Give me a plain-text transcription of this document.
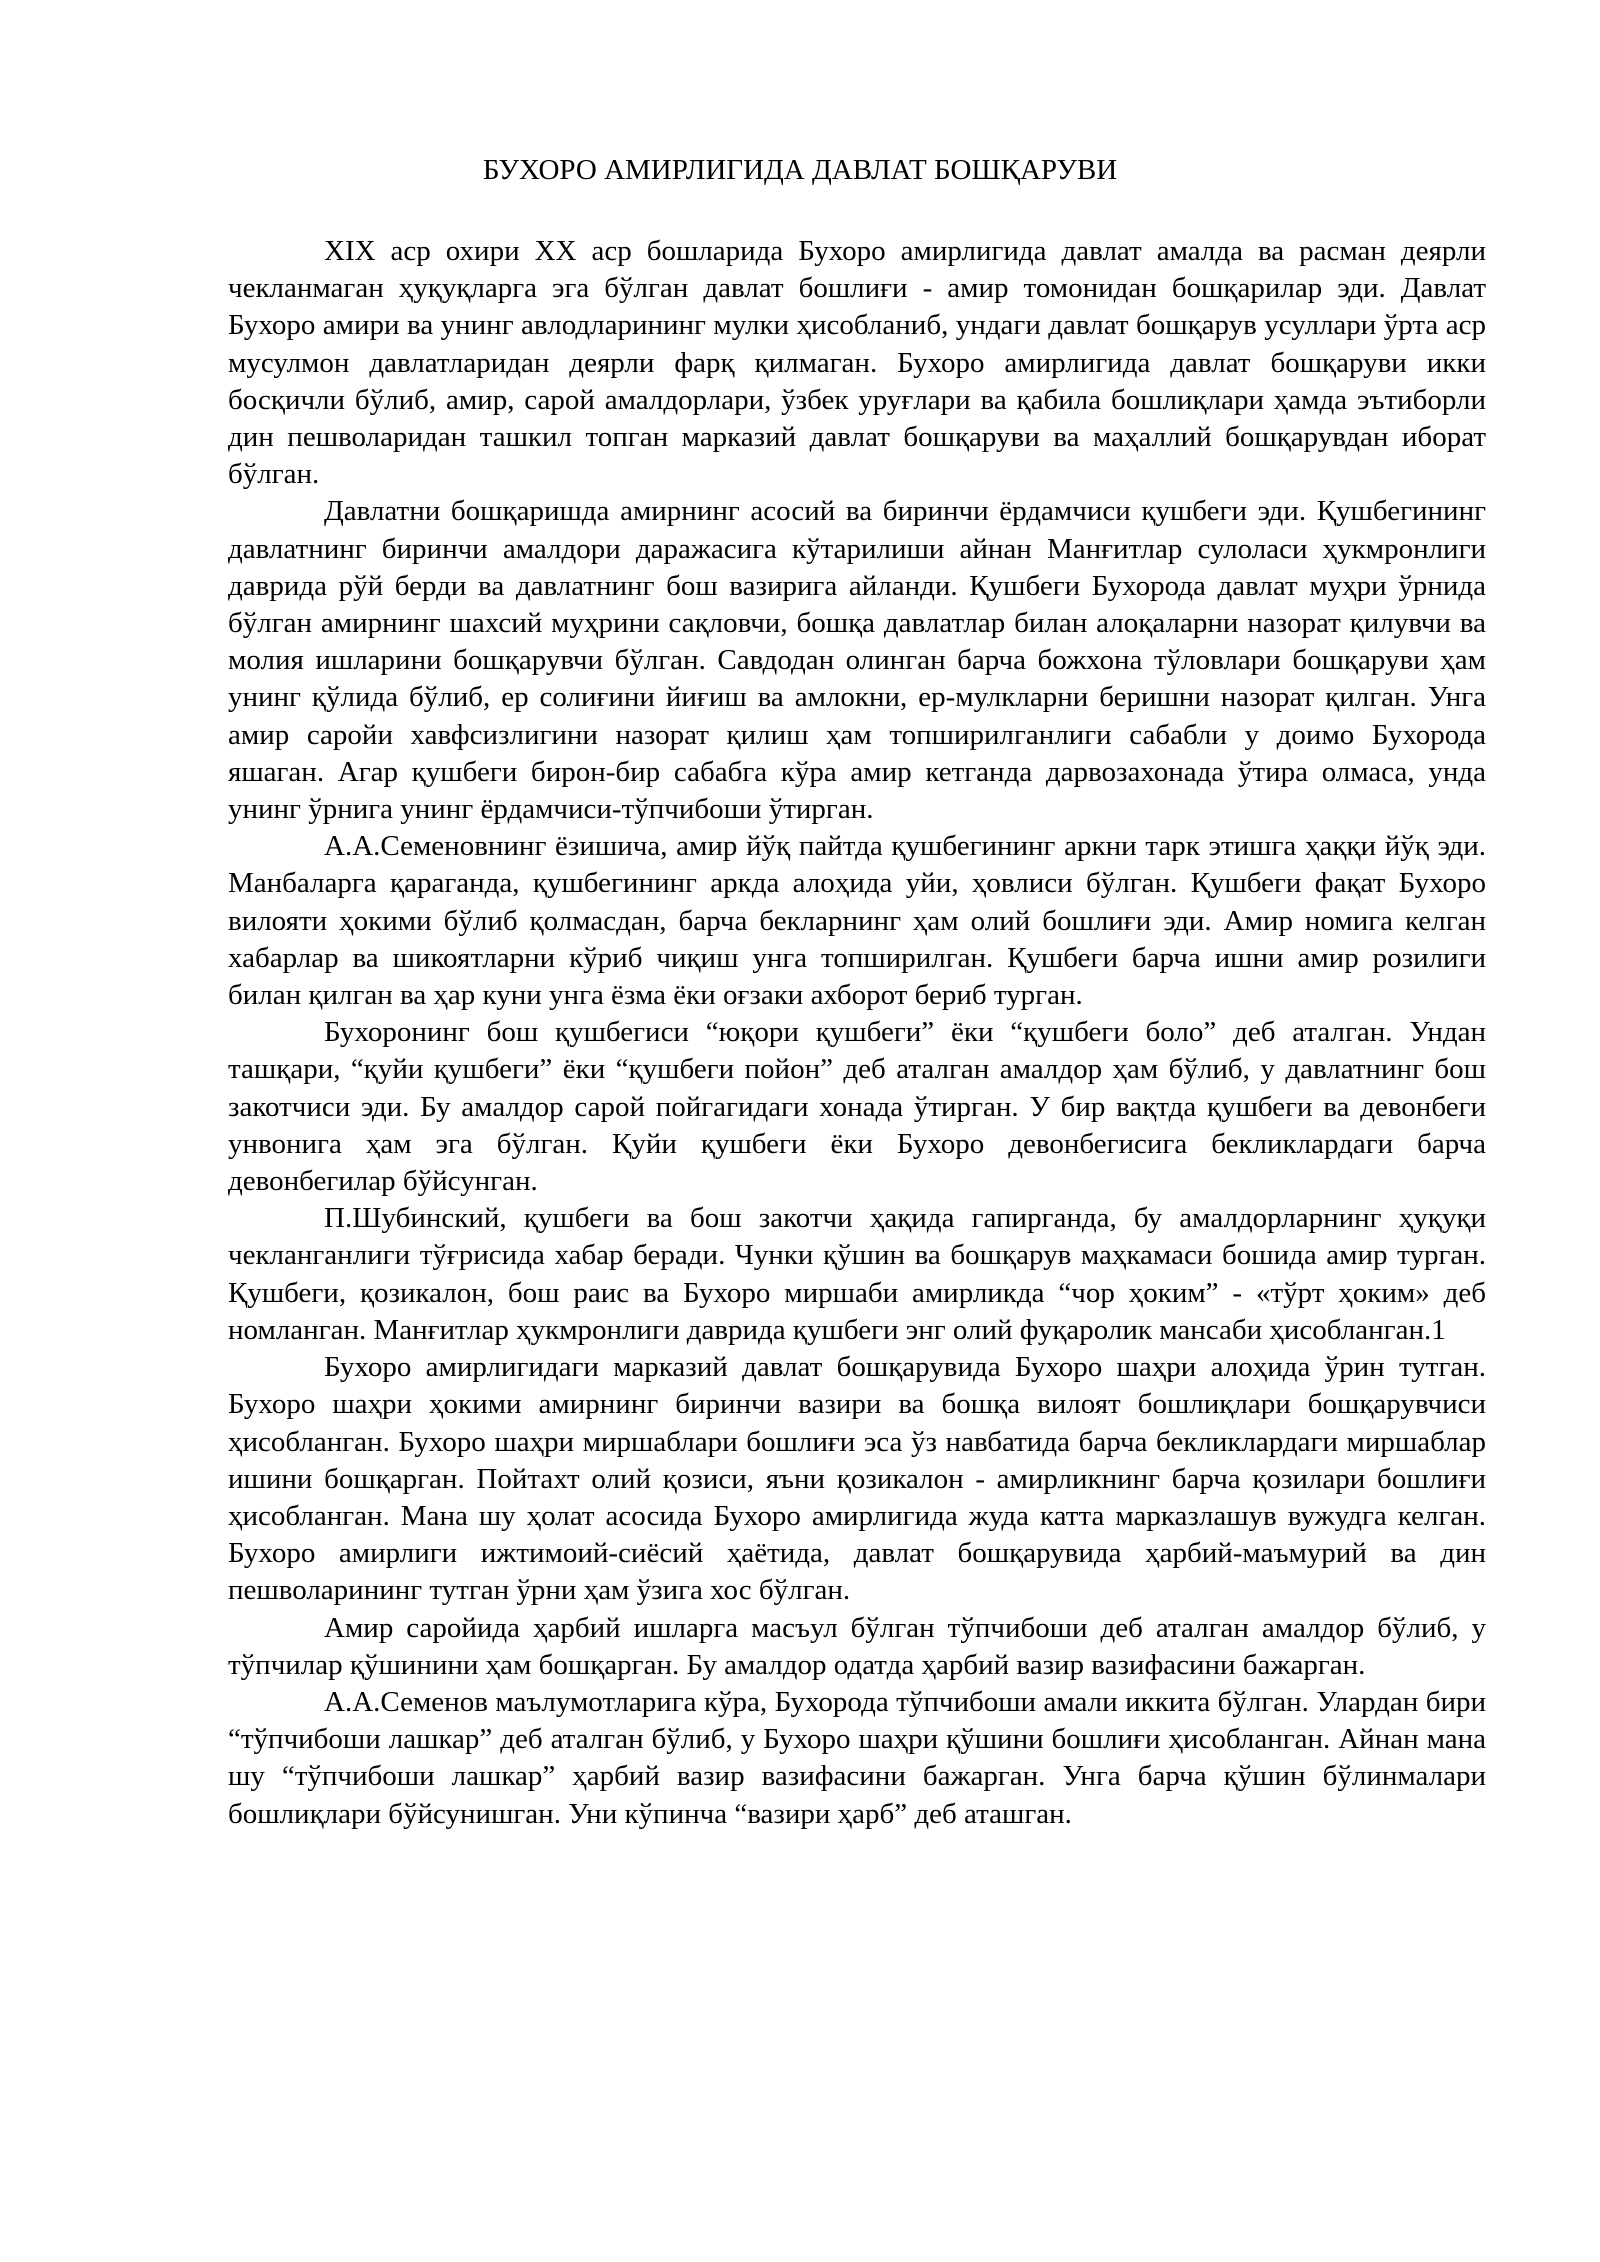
БУХОРО АМИРЛИГИДА ДАВЛАТ БОШҚАРУВИ

XIX аср охири XX аср бошларида Бухоро амирлигида давлат амалда ва расман деярли чекланмаган ҳуқуқларга эга бўлган давлат бошлиғи - амир томонидан бошқарилар эди. Давлат Бухоро амири ва унинг авлодларининг мулки ҳисобланиб, ундаги давлат бошқарув усуллари ўрта аср мусулмон давлатларидан деярли фарқ қилмаган. Бухоро амирлигида давлат бошқаруви икки босқичли бўлиб, амир, сарой амалдорлари, ўзбек уруғлари ва қабила бошлиқлари ҳамда эътиборли дин пешволаридан ташкил топган марказий давлат бошқаруви ва маҳаллий бошқарувдан иборат бўлган.

Давлатни бошқаришда амирнинг асосий ва биринчи ёрдамчиси қушбеги эди. Қушбегининг давлатнинг биринчи амалдори даражасига кўтарилиши айнан Манғитлар сулоласи ҳукмронлиги даврида рўй берди ва давлатнинг бош вазирига айланди. Қушбеги Бухорода давлат муҳри ўрнида бўлган амирнинг шахсий муҳрини сақловчи, бошқа давлатлар билан алоқаларни назорат қилувчи ва молия ишларини бошқарувчи бўлган. Савдодан олинган барча божхона тўловлари бошқаруви ҳам унинг қўлида бўлиб, ер солиғини йиғиш ва амлокни, ер-мулкларни беришни назорат қилган. Унга амир саройи хавфсизлигини назорат қилиш ҳам топширилганлиги сабабли у доимо Бухорода яшаган. Агар қушбеги бирон-бир сабабга кўра амир кетганда дарвозахонада ўтира олмаса, унда унинг ўрнига унинг ёрдамчиси-тўпчибоши ўтирган.

А.А.Семеновнинг ёзишича, амир йўқ пайтда қушбегининг аркни тарк этишга ҳаққи йўқ эди. Манбаларга қараганда, қушбегининг аркда алоҳида уйи, ҳовлиси бўлган. Қушбеги фақат Бухоро вилояти ҳокими бўлиб қолмасдан, барча бекларнинг ҳам олий бошлиғи эди. Амир номига келган хабарлар ва шикоятларни кўриб чиқиш унга топширилган. Қушбеги барча ишни амир розилиги билан қилган ва ҳар куни унга ёзма ёки оғзаки ахборот бериб турган.

Бухоронинг бош қушбегиси “юқори қушбеги” ёки “қушбеги боло” деб аталган. Ундан ташқари, “қуйи қушбеги” ёки “қушбеги пойон” деб аталган амалдор ҳам бўлиб, у давлатнинг бош закотчиси эди. Бу амалдор сарой пойгагидаги хонада ўтирган. У бир вақтда қушбеги ва девонбеги унвонига ҳам эга бўлган. Қуйи қушбеги ёки Бухоро девонбегисига бекликлардаги барча девонбегилар бўйсунган.

П.Шубинский, қушбеги ва бош закотчи ҳақида гапирганда, бу амалдорларнинг ҳуқуқи чекланганлиги тўғрисида хабар беради. Чунки қўшин ва бошқарув маҳкамаси бошида амир турган. Қушбеги, қозикалон, бош раис ва Бухоро миршаби амирликда “чор ҳоким” - «тўрт ҳоким» деб номланган. Манғитлар ҳукмронлиги даврида қушбеги энг олий фуқаролик мансаби ҳисобланган.1

Бухоро амирлигидаги марказий давлат бошқарувида Бухоро шаҳри алоҳида ўрин тутган. Бухоро шаҳри ҳокими амирнинг биринчи вазири ва бошқа вилоят бошлиқлари бошқарувчиси ҳисобланган. Бухоро шаҳри миршаблари бошлиғи эса ўз навбатида барча бекликлардаги миршаблар ишини бошқарган. Пойтахт олий қозиси, яъни қозикалон - амирликнинг барча қозилари бошлиғи ҳисобланган. Мана шу ҳолат асосида Бухоро амирлигида жуда катта марказлашув вужудга келган. Бухоро амирлиги ижтимоий-сиёсий ҳаётида, давлат бошқарувида ҳарбий-маъмурий ва дин пешволарининг тутган ўрни ҳам ўзига хос бўлган.

Амир саройида ҳарбий ишларга масъул бўлган тўпчибоши деб аталган амалдор бўлиб, у тўпчилар қўшинини ҳам бошқарган. Бу амалдор одатда ҳарбий вазир вазифасини бажарган.

А.А.Семенов маълумотларига кўра, Бухорода тўпчибоши амали иккита бўлган. Улардан бири “тўпчибоши лашкар” деб аталган бўлиб, у Бухоро шаҳри қўшини бошлиғи ҳисобланган. Айнан мана шу “тўпчибоши лашкар” ҳарбий вазир вазифасини бажарган. Унга барча қўшин бўлинмалари бошлиқлари бўйсунишган. Уни кўпинча “вазири ҳарб” деб аташган.
